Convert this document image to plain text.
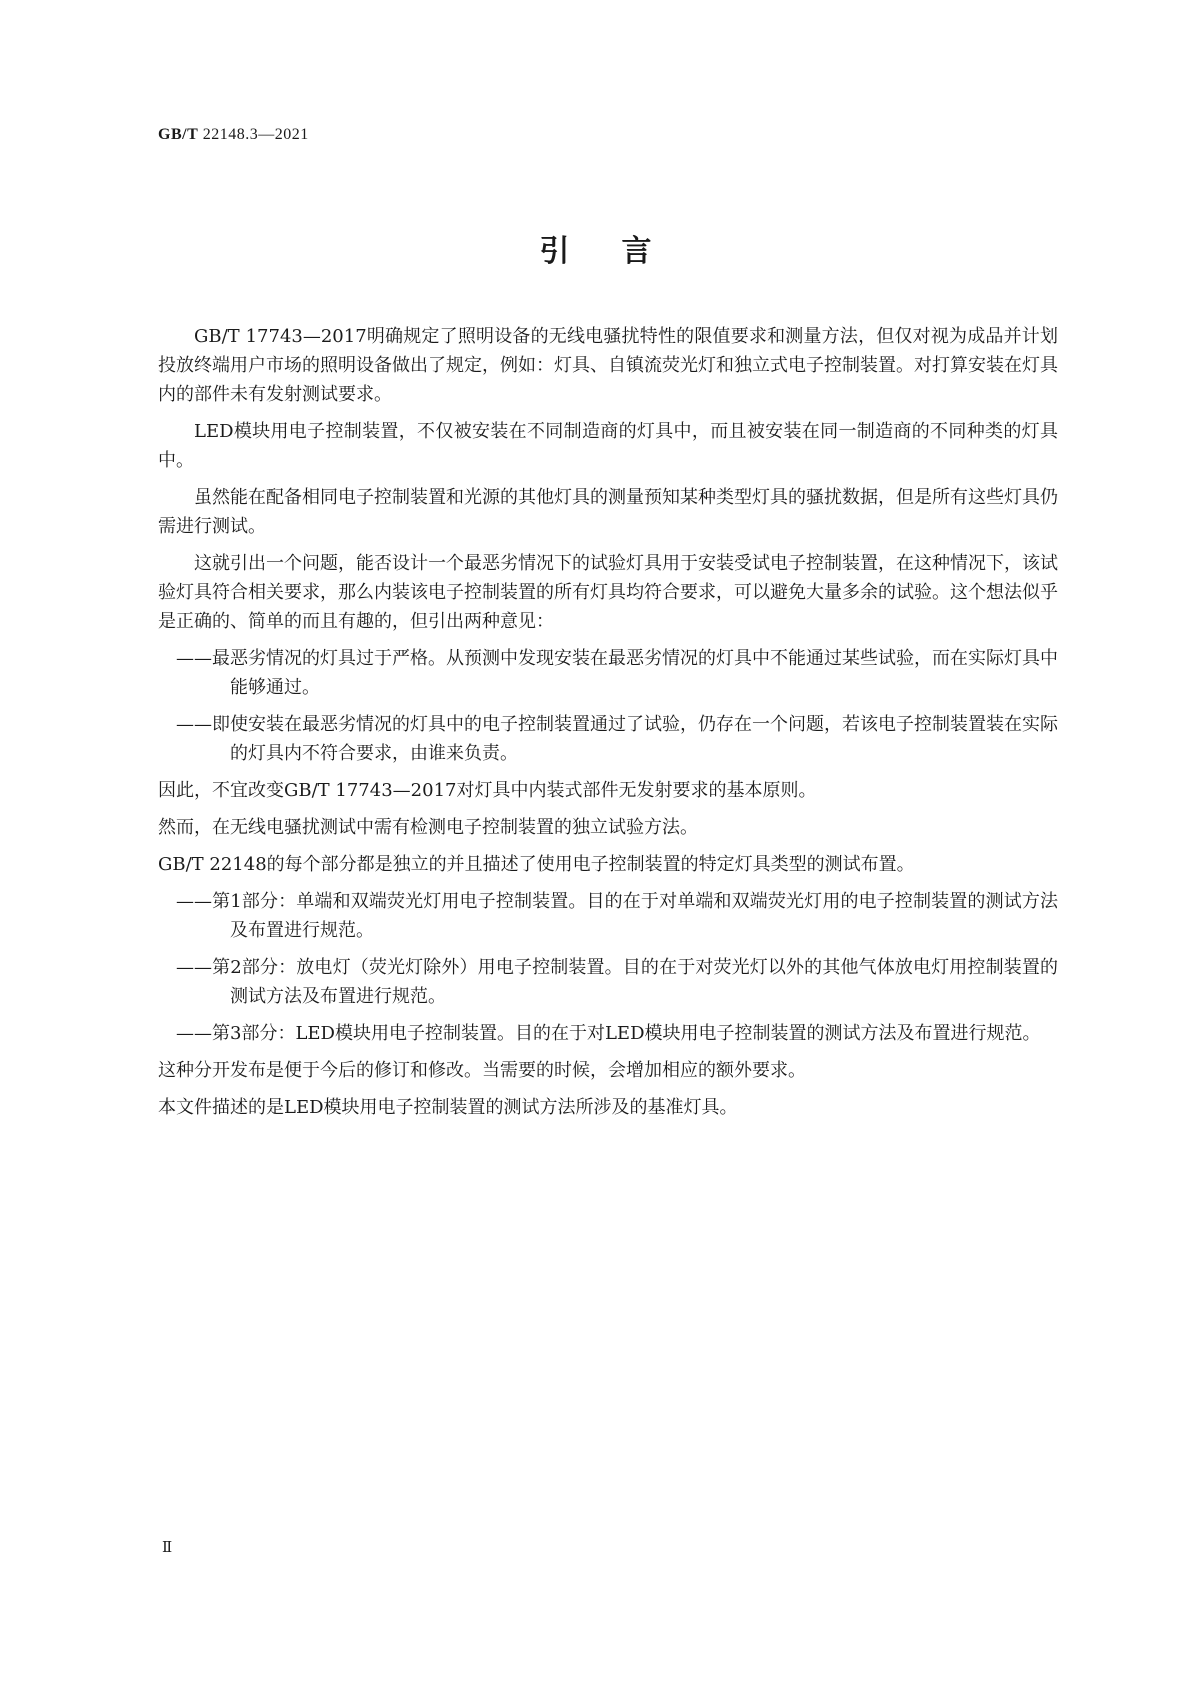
GB/T 22148.3—2021
引言

GB/T 17743—2017明确规定了照明设备的无线电骚扰特性的限值要求和测量方法，但仅对视为成品并计划投放终端用户市场的照明设备做出了规定，例如：灯具、自镇流荧光灯和独立式电子控制装置。对打算安装在灯具内的部件未有发射测试要求。

LED模块用电子控制装置，不仅被安装在不同制造商的灯具中，而且被安装在同一制造商的不同种类的灯具中。

虽然能在配备相同电子控制装置和光源的其他灯具的测量预知某种类型灯具的骚扰数据，但是所有这些灯具仍需进行测试。

这就引出一个问题，能否设计一个最恶劣情况下的试验灯具用于安装受试电子控制装置，在这种情况下，该试验灯具符合相关要求，那么内装该电子控制装置的所有灯具均符合要求，可以避免大量多余的试验。这个想法似乎是正确的、简单的而且有趣的，但引出两种意见：

——最恶劣情况的灯具过于严格。从预测中发现安装在最恶劣情况的灯具中不能通过某些试验，而在实际灯具中能够通过。
——即使安装在最恶劣情况的灯具中的电子控制装置通过了试验，仍存在一个问题，若该电子控制装置装在实际的灯具内不符合要求，由谁来负责。

因此，不宜改变GB/T 17743—2017对灯具中内装式部件无发射要求的基本原则。

然而，在无线电骚扰测试中需有检测电子控制装置的独立试验方法。

GB/T 22148的每个部分都是独立的并且描述了使用电子控制装置的特定灯具类型的测试布置。

——第1部分：单端和双端荧光灯用电子控制装置。目的在于对单端和双端荧光灯用的电子控制装置的测试方法及布置进行规范。
——第2部分：放电灯（荧光灯除外）用电子控制装置。目的在于对荧光灯以外的其他气体放电灯用控制装置的测试方法及布置进行规范。
——第3部分：LED模块用电子控制装置。目的在于对LED模块用电子控制装置的测试方法及布置进行规范。

这种分开发布是便于今后的修订和修改。当需要的时候，会增加相应的额外要求。

本文件描述的是LED模块用电子控制装置的测试方法所涉及的基准灯具。

Ⅱ
